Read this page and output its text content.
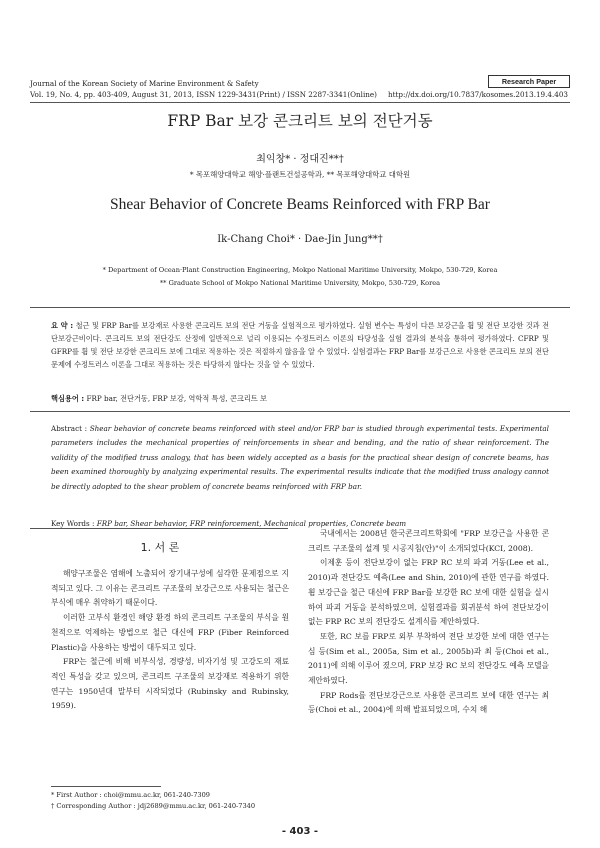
Journal of the Korean Society of Marine Environment & Safety	Research Paper
Vol. 19, No. 4, pp. 403-409, August 31, 2013, ISSN 1229-3431(Print) / ISSN 2287-3341(Online) http://dx.doi.org/10.7837/kosomes.2013.19.4.403
FRP Bar 보강 콘크리트 보의 전단거동
최익창* · 정대진**†
* 목포해양대학교 해양·플랜트건설공학과, ** 목포해양대학교 대학원
Shear Behavior of Concrete Beams Reinforced with FRP Bar
Ik-Chang Choi* · Dae-Jin Jung**†
* Department of Ocean·Plant Construction Engineering, Mokpo National Maritime University, Mokpo, 530-729, Korea
** Graduate School of Mokpo National Maritime University, Mokpo, 530-729, Korea
요 약 : 철근 및 FRP Bar를 보강재로 사용한 콘크리트 보의 전단 거동을 실험적으로 평가하였다. 실험 변수는 특성이 다른 보강근을 휨 및 전단 보강한 것과 전단보강근비이다. 콘크리트 보의 전단강도 산정에 일반적으로 널리 이용되는 수정트러스 이론의 타당성을 실험 결과의 분석을 통하여 평가하였다. CFRP 및 GFRP를 휨 및 전단 보강한 콘크리트 보에 그대로 적용하는 것은 적절하지 않음을 알 수 있었다. 실험결과는 FRP Bar를 보강근으로 사용한 콘크리트 보의 전단 문제에 수정트러스 이론을 그대로 적용하는 것은 타당하지 않다는 것을 알 수 있었다.
핵심용어 : FRP bar, 전단거동, FRP 보강, 역학적 특성, 콘크리트 보
Abstract : Shear behavior of concrete beams reinforced with steel and/or FRP bar is studied through experimental tests. Experimental parameters includes the mechanical properties of reinforcements in shear and bending, and the ratio of shear reinforcement. The validity of the modified truss analogy, that has been widely accepted as a basis for the practical shear design of concrete beams, has been examined thoroughly by analyzing experimental results. The experimental results indicate that the modified truss analogy cannot be directly adopted to the shear problem of concrete beams reinforced with FRP bar.
Key Words : FRP bar, Shear behavior, FRP reinforcement, Mechanical properties, Concrete beam
1. 서 론

해양구조물은 염해에 노출되어 장기내구성에 심각한 문제점으로 지적되고 있다. 그 이유는 콘크리트 구조물의 보강근으로 사용되는 철근은 부식에 매우 취약하기 때문이다.

이러한 고부식 환경인 해양 환경 하의 콘크리트 구조물의 부식을 원천적으로 억제하는 방법으로 철근 대신에 FRP (Fiber Reinforced Plastic)을 사용하는 방법이 대두되고 있다.

FRP는 철근에 비해 비부식성, 경량성, 비자기성 및 고강도의 재료적인 특성을 갖고 있으며, 콘크리트 구조물의 보강재로 적용하기 위한 연구는 1950년대 말부터 시작되었다 (Rubinsky and Rubinsky, 1959).

국내에서는 2008년 한국콘크리트학회에 "FRP 보강근을 사용한 콘크리트 구조물의 설계 및 시공지침(안)"이 소개되었다(KCI, 2008).

이제훈 등이 전단보강이 없는 FRP RC 보의 파괴 거동(Lee et al., 2010)과 전단강도 예측(Lee and Shin, 2010)에 관한 연구를 하였다. 휨 보강근을 철근 대신에 FRP Bar를 보강한 RC 보에 대한 실험을 실시하여 파괴 거동을 분석하였으며, 실험결과를 회귀분석 하여 전단보강이 없는 FRP RC 보의 전단강도 설계식를 제안하였다.

또한, RC 보를 FRP로 외부 부착하여 전단 보강한 보에 대한 연구는 심 등(Sim et al., 2005a, Sim et al., 2005b)과 최 등(Choi et al., 2011)에 의해 이루어 졌으며, FRP 보강 RC 보의 전단강도 예측 모델을 제안하였다.

FRP Rods를 전단보강근으로 사용한 콘크리트 보에 대한 연구는 최 등(Choi et al., 2004)에 의해 발표되었으며, 수치 해

* First Author : choi@mmu.ac.kr, 061-240-7309
† Corresponding Author : jdj2689@mmu.ac.kr, 061-240-7340
- 403 -
